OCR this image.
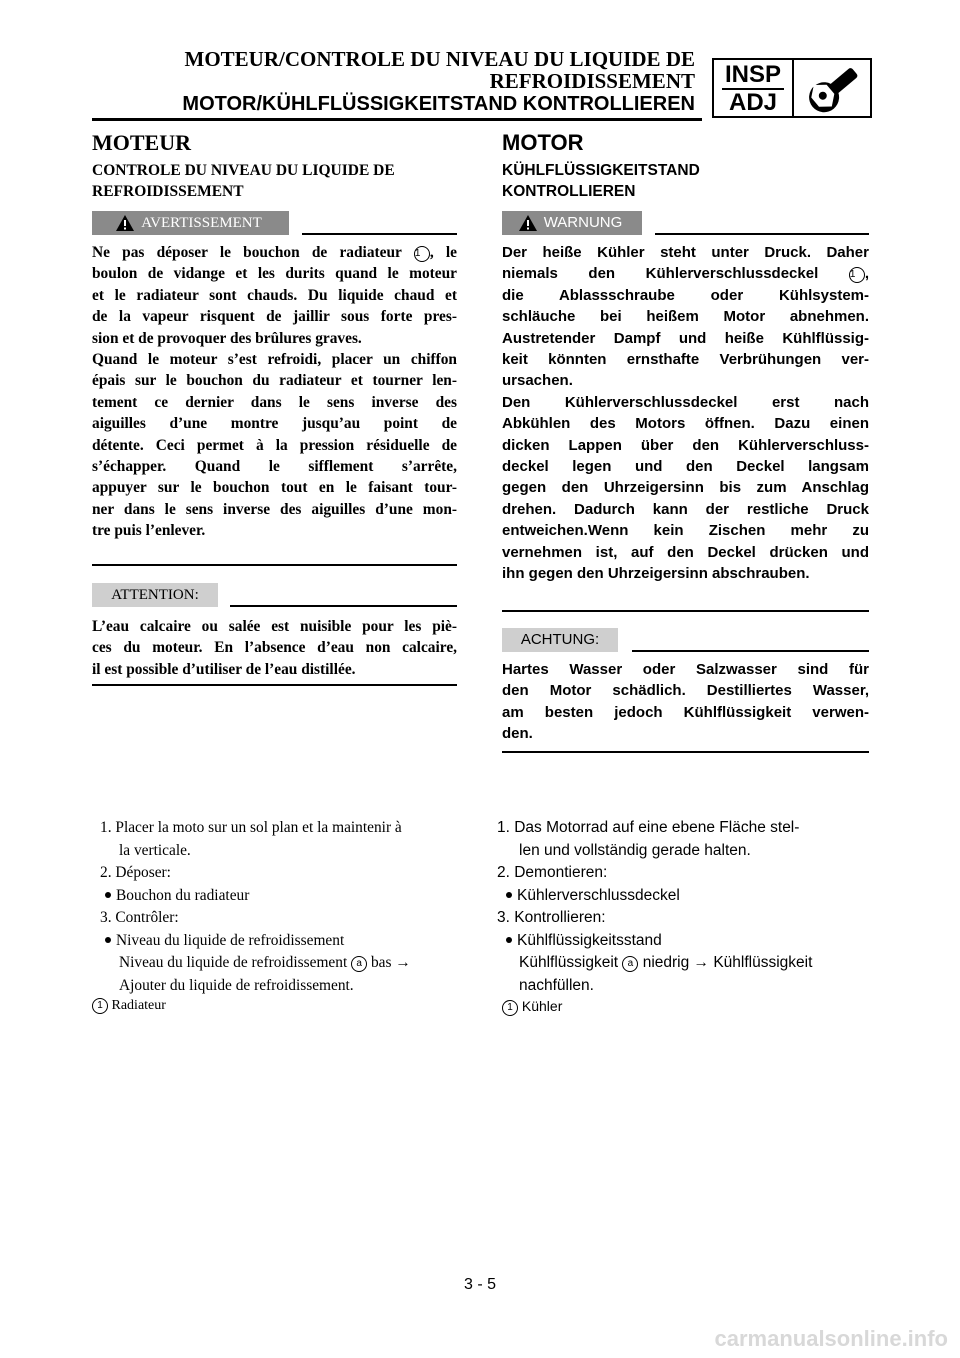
MOTEUR/CONTROLE DU NIVEAU DU LIQUIDE DE
REFROIDISSEMENT
MOTOR/KÜHLFLÜSSIGKEITSTAND KONTROLLIEREN
INSP
ADJ
MOTEUR
CONTROLE DU NIVEAU DU LIQUIDE DE
REFROIDISSEMENT
AVERTISSEMENT
Ne pas déposer le bouchon de radiateur 1 , le
boulon de vidange et les durits quand le moteur
et le radiateur sont chauds. Du liquide chaud et
de la vapeur risquent de jaillir sous forte pres-
sion et de provoquer des brûlures graves.
Quand le moteur s’est refroidi, placer un chiffon
épais sur le bouchon du radiateur et tourner len-
tement ce dernier dans le sens inverse des
aiguilles d’une montre jusqu’au point de
détente. Ceci permet à la pression résiduelle de
s’échapper. Quand le sifflement s’arrête,
appuyer sur le bouchon tout en le faisant tour-
ner dans le sens inverse des aiguilles d’une mon-
tre puis l’enlever.
ATTENTION:
L’eau calcaire ou salée est nuisible pour les piè-
ces du moteur. En l’absence d’eau non calcaire,
il est possible d’utiliser de l’eau distillée.
1. Placer la moto sur un sol plan et la maintenir à
la verticale.
2. Déposer:
Bouchon du radiateur
3. Contrôler:
Niveau du liquide de refroidissement
Niveau du liquide de refroidissement a bas →
Ajouter du liquide de refroidissement.
1 Radiateur
MOTOR
KÜHLFLÜSSIGKEITSTAND
KONTROLLIEREN
WARNUNG
Der heiße Kühler steht unter Druck. Daher
niemals den Kühlerverschlussdeckel	1 ,
die Ablassschraube oder Kühlsystem-
schläuche bei heißem Motor abnehmen.
Austretender Dampf und heiße Kühlflüssig-
keit könnten ernsthafte Verbrühungen ver-
ursachen.
Den Kühlerverschlussdeckel erst nach
Abkühlen des Motors öffnen. Dazu einen
dicken Lappen über den Kühlerverschluss-
deckel legen und den Deckel langsam
gegen den Uhrzeigersinn bis zum Anschlag
drehen. Dadurch kann der restliche Druck
entweichen.Wenn kein Zischen mehr zu
vernehmen ist, auf den Deckel drücken und
ihn gegen den Uhrzeigersinn abschrauben.
ACHTUNG:
Hartes Wasser oder Salzwasser sind für
den Motor schädlich. Destilliertes Wasser,
am besten jedoch Kühlflüssigkeit verwen-
den.
1. Das Motorrad auf eine ebene Fläche stel-
len und vollständig gerade halten.
2. Demontieren:
Kühlerverschlussdeckel
3. Kontrollieren:
Kühlflüssigkeitsstand
Kühlflüssigkeit a niedrig → Kühlflüssigkeit
nachfüllen.
1 Kühler
3 - 5
carmanualsonline.info
